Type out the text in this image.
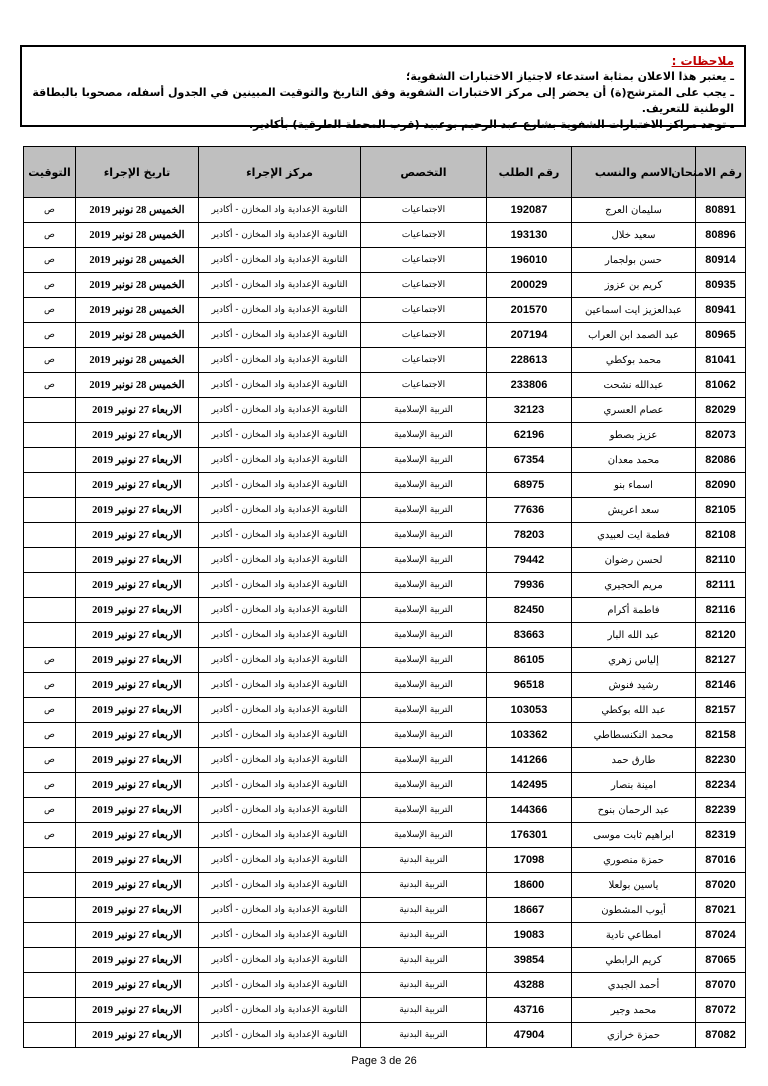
ملاحظات :

ـ يعتبر هذا الاعلان بمثابة استدعاء لاجتياز الاختبارات الشفوية؛

ـ يجب على المترشح(ة) أن يحضر إلى مركز الاختبارات الشفوية وفق التاريخ والتوقيت المبينين في الجدول أسفله، مصحوبا بالبطاقة الوطنية للتعريف.

ـ توجد مراكز الاختبارات الشفوية بشارع عبد الرحيم بوعبيد (قرب المحطة الطرقية) بأكادير.

رقم الامتحان	الاسم والنسب	رقم الطلب	التخصص	مركز الإجراء	تاريخ الإجراء	التوقيت
80891	سليمان العرج	192087	الاجتماعيات	الثانوية الإعدادية واد المخازن - أكادير	الخميس 28 نونبر 2019	ص
80896	سعيد خلال	193130	الاجتماعيات	الثانوية الإعدادية واد المخازن - أكادير	الخميس 28 نونبر 2019	ص
80914	حسن بولجمار	196010	الاجتماعيات	الثانوية الإعدادية واد المخازن - أكادير	الخميس 28 نونبر 2019	ص
80935	كريم بن عزوز	200029	الاجتماعيات	الثانوية الإعدادية واد المخازن - أكادير	الخميس 28 نونبر 2019	ص
80941	عبدالعزيز ايت اسماعين	201570	الاجتماعيات	الثانوية الإعدادية واد المخازن - أكادير	الخميس 28 نونبر 2019	ص
80965	عبد الصمد ابن العراب	207194	الاجتماعيات	الثانوية الإعدادية واد المخازن - أكادير	الخميس 28 نونبر 2019	ص
81041	محمد بوكطي	228613	الاجتماعيات	الثانوية الإعدادية واد المخازن - أكادير	الخميس 28 نونبر 2019	ص
81062	عبدالله نشحت	233806	الاجتماعيات	الثانوية الإعدادية واد المخازن - أكادير	الخميس 28 نونبر 2019	ص
82029	عصام العسري	32123	التربية الإسلامية	الثانوية الإعدادية واد المخازن - أكادير	الاربعاء 27 نونبر 2019	
82073	عزيز بصطو	62196	التربية الإسلامية	الثانوية الإعدادية واد المخازن - أكادير	الاربعاء 27 نونبر 2019	
82086	محمد معدان	67354	التربية الإسلامية	الثانوية الإعدادية واد المخازن - أكادير	الاربعاء 27 نونبر 2019	
82090	اسماء بنو	68975	التربية الإسلامية	الثانوية الإعدادية واد المخازن - أكادير	الاربعاء 27 نونبر 2019	
82105	سعد اعريش	77636	التربية الإسلامية	الثانوية الإعدادية واد المخازن - أكادير	الاربعاء 27 نونبر 2019	
82108	فطمة ايت لعبيدي	78203	التربية الإسلامية	الثانوية الإعدادية واد المخازن - أكادير	الاربعاء 27 نونبر 2019	
82110	لحسن رضوان	79442	التربية الإسلامية	الثانوية الإعدادية واد المخازن - أكادير	الاربعاء 27 نونبر 2019	
82111	مريم الحجيري	79936	التربية الإسلامية	الثانوية الإعدادية واد المخازن - أكادير	الاربعاء 27 نونبر 2019	
82116	فاطمة أكرام	82450	التربية الإسلامية	الثانوية الإعدادية واد المخازن - أكادير	الاربعاء 27 نونبر 2019	
82120	عبد الله البار	83663	التربية الإسلامية	الثانوية الإعدادية واد المخازن - أكادير	الاربعاء 27 نونبر 2019	
82127	إلياس زهري	86105	التربية الإسلامية	الثانوية الإعدادية واد المخازن - أكادير	الاربعاء 27 نونبر 2019	ص
82146	رشيد فنوش	96518	التربية الإسلامية	الثانوية الإعدادية واد المخازن - أكادير	الاربعاء 27 نونبر 2019	ص
82157	عبد الله بوكطي	103053	التربية الإسلامية	الثانوية الإعدادية واد المخازن - أكادير	الاربعاء 27 نونبر 2019	ص
82158	محمد النكنسطاطي	103362	التربية الإسلامية	الثانوية الإعدادية واد المخازن - أكادير	الاربعاء 27 نونبر 2019	ص
82230	طارق حمد	141266	التربية الإسلامية	الثانوية الإعدادية واد المخازن - أكادير	الاربعاء 27 نونبر 2019	ص
82234	امينة بنصار	142495	التربية الإسلامية	الثانوية الإعدادية واد المخازن - أكادير	الاربعاء 27 نونبر 2019	ص
82239	عبد الرحمان بنوح	144366	التربية الإسلامية	الثانوية الإعدادية واد المخازن - أكادير	الاربعاء 27 نونبر 2019	ص
82319	ابراهيم ثابت موسى	176301	التربية الإسلامية	الثانوية الإعدادية واد المخازن - أكادير	الاربعاء 27 نونبر 2019	ص
87016	حمزة منصوري	17098	التربية البدنية	الثانوية الإعدادية واد المخازن - أكادير	الاربعاء 27 نونبر 2019	
87020	ياسين بولعلا	18600	التربية البدنية	الثانوية الإعدادية واد المخازن - أكادير	الاربعاء 27 نونبر 2019	
87021	أيوب المشطون	18667	التربية البدنية	الثانوية الإعدادية واد المخازن - أكادير	الاربعاء 27 نونبر 2019	
87024	امطاعي نادية	19083	التربية البدنية	الثانوية الإعدادية واد المخازن - أكادير	الاربعاء 27 نونبر 2019	
87065	كريم الرابطي	39854	التربية البدنية	الثانوية الإعدادية واد المخازن - أكادير	الاربعاء 27 نونبر 2019	
87070	أحمد الجبدي	43288	التربية البدنية	الثانوية الإعدادية واد المخازن - أكادير	الاربعاء 27 نونبر 2019	
87072	محمد وجير	43716	التربية البدنية	الثانوية الإعدادية واد المخازن - أكادير	الاربعاء 27 نونبر 2019	
87082	حمزة خرازي	47904	التربية البدنية	الثانوية الإعدادية واد المخازن - أكادير	الاربعاء 27 نونبر 2019	
Page 3 de 26
